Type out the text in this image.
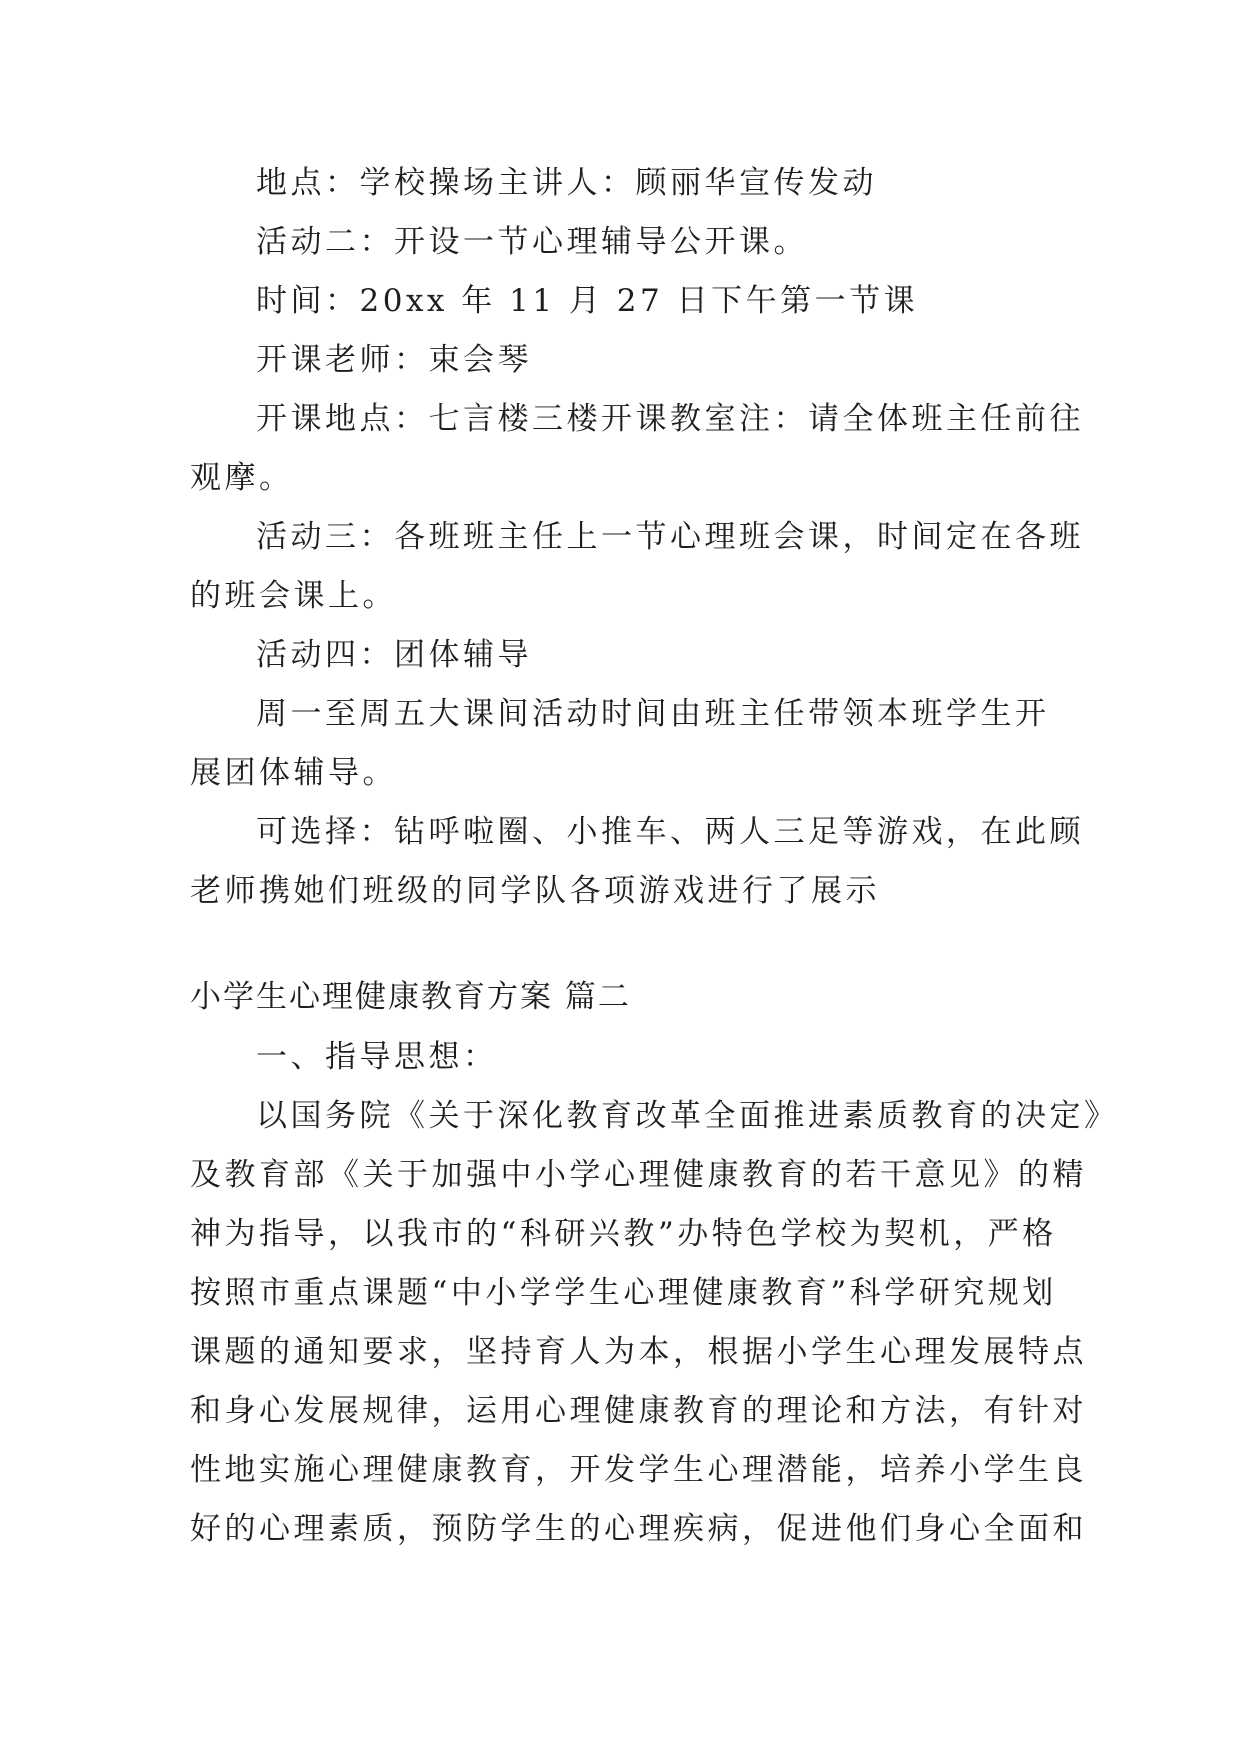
地点：学校操场主讲人：顾丽华宣传发动
活动二：开设一节心理辅导公开课。
时间：20xx 年 11 月 27 日下午第一节课
开课老师：束会琴
开课地点：七言楼三楼开课教室注：请全体班主任前往
观摩。
活动三：各班班主任上一节心理班会课，时间定在各班
的班会课上。
活动四：团体辅导
周一至周五大课间活动时间由班主任带领本班学生开
展团体辅导。
可选择：钻呼啦圈、小推车、两人三足等游戏，在此顾
老师携她们班级的同学队各项游戏进行了展示
小学生心理健康教育方案 篇二
一、指导思想：
以国务院《关于深化教育改革全面推进素质教育的决定》
及教育部《关于加强中小学心理健康教育的若干意见》的精
神为指导，以我市的“科研兴教”办特色学校为契机，严格
按照市重点课题“中小学学生心理健康教育”科学研究规划
课题的通知要求，坚持育人为本，根据小学生心理发展特点
和身心发展规律，运用心理健康教育的理论和方法，有针对
性地实施心理健康教育，开发学生心理潜能，培养小学生良
好的心理素质，预防学生的心理疾病，促进他们身心全面和
